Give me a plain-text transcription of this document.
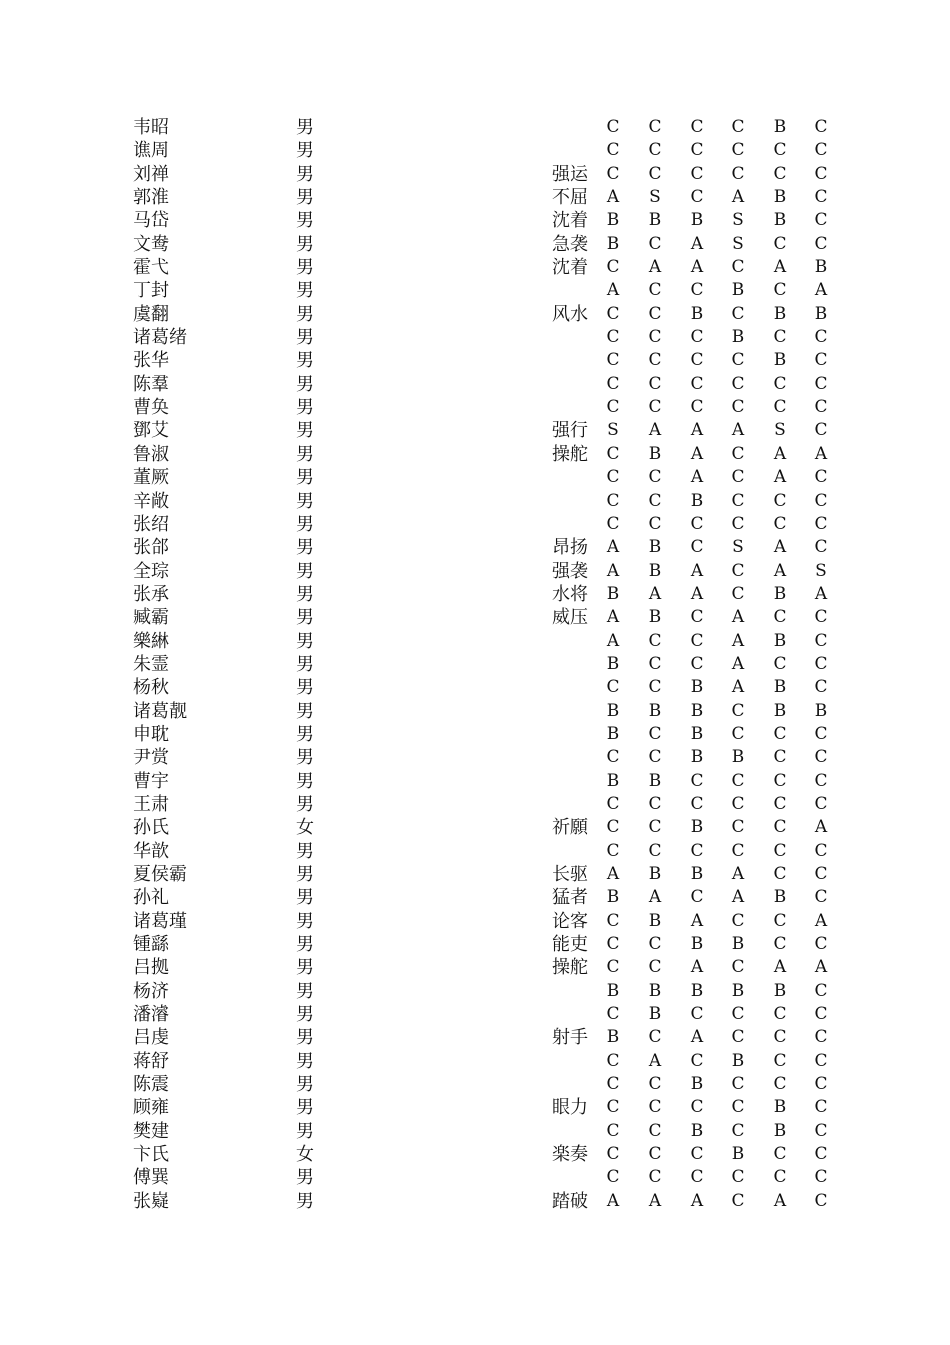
韦昭	男	C C C C B C
谯周	男	C C C C C C
刘禅	男	强运 C C C C C C
郭淮	男	不屈 A	S	C A B C
马岱	男	沈着 B B B	S	B C
文鸯	男	急袭 B C A	S	C C
霍弋	男	沈着 C A A C A B
丁封	男	A C C B C A
虞翻	男	风水 C C B C B B
诸葛绪	男	C C C B C C
张华	男	C C C C B C
陈羣	男	C C C C C C
曹奂	男	C C C C C C
鄧艾	男	强行	S	A A A	S	C
鲁淑	男	操舵 C B A C A A
董厥	男	C C A C A C
辛敞	男	C C B C C C
张绍	男	C C C C C C
张郃	男	昂扬 A B C	S	A C
全琮	男	强袭 A B A C A	S
张承	男	水将 B A A C B A
臧霸	男	威压 A B C A C C
樂綝	男	A C C A B C
朱霊	男	B C C A C C
杨秋	男	C C B A B C
诸葛靓	男	B B B C B B
申耽	男	B C B C C C
尹赏	男	C C B B C C
曹宇	男	B B C C C C
王肃	男	C C C C C C
孙氏	女	祈願 C C B C C A
华歆	男	C C C C C C
夏侯霸	男	长驱 A B B A C C
孙礼	男	猛者 B A C A B C
诸葛瑾	男	论客 C B A C C A
锺繇	男	能吏 C C B B C C
吕拠	男	操舵 C C A C A A
杨济	男	B B B B B C
潘濬	男	C B C C C C
吕虔	男	射手 B C A C C C
蒋舒	男	C A C B C C
陈震	男	C C B C C C
顾雍	男	眼力 C C C C B C
樊建	男	C C B C B C
卞氏	女	楽奏 C C C B C C
傅巽	男	C C C C C C
张嶷	男	踏破 A A A C A C
